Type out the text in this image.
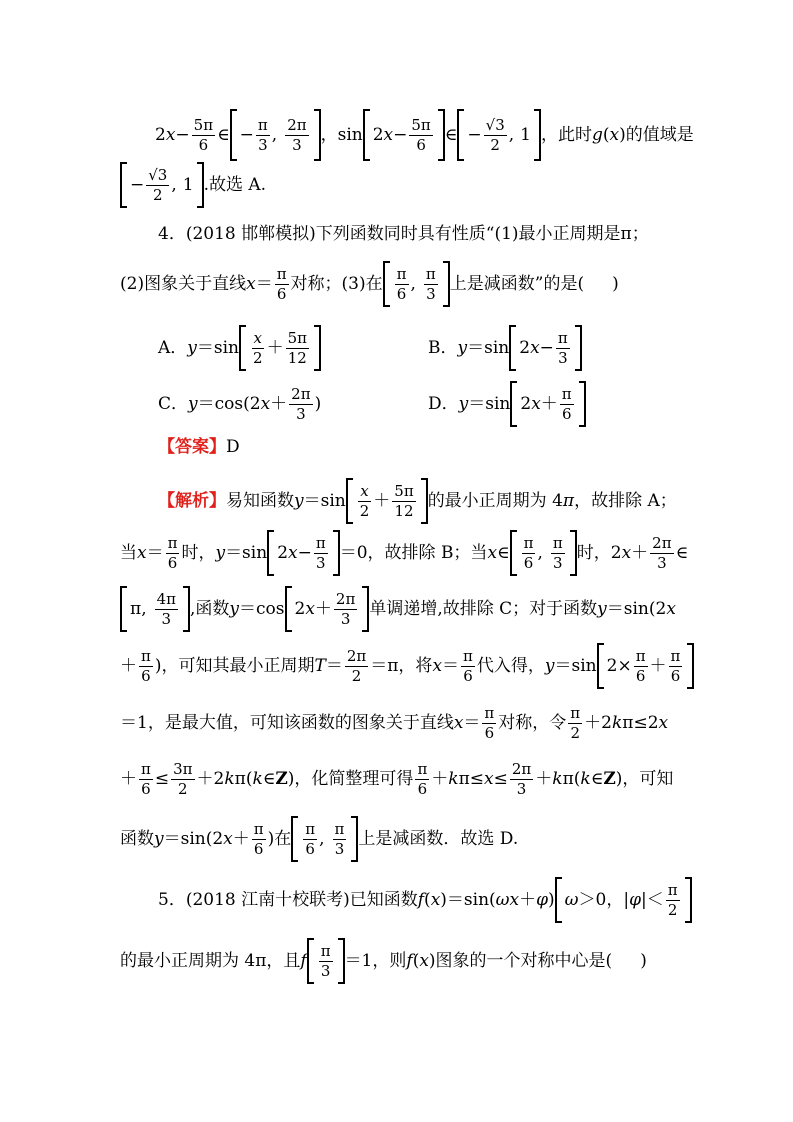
2 $x - \frac{5\pi}{6}$ ∈ − $\frac{\pi}{3}$ , $\frac{2\pi}{3}$ ， sin 2 $x - \frac{5\pi}{6}$ ∈ − $\frac{√3}{2}$ , 1 ，此时 g ( x ) 的值域是
− $\frac{√3}{2}$ , 1 .故选 A.
4．(2018 邯郸模拟)下列函数同时具有性质“(1)最小正周期是π；
(2)图象关于直线 $x = \frac{\pi}{6}$ 对称；(3)在 $\frac{\pi}{6}$ , $\frac{\pi}{3}$ 上是减函数”的是( )
A． $y =\sin \frac{x}{2} + \frac{5\pi}{12}$	B． y ＝sin 2 $x - \frac{\pi}{3}$
C． y ＝cos(2 $x + \frac{2\pi}{3}$ )	D． y ＝sin 2 $x + \frac{\pi}{6}$
【答案】 D
【解析】 易知函数 $y =\sin \frac{x}{2} + \frac{5\pi}{12}$ 的最小正周期为 4 π ，故排除 A；
当 $x = \frac{\pi}{6}$ 时， y ＝sin 2 $x - \frac{\pi}{3} =0$，故排除 B；当 x ∈ $\frac{\pi}{6}$ , $\frac{\pi}{3}$ 时，2 $x + \frac{2\pi}{3}$ ∈
π , $\frac{4\pi}{3}$ ,函数 y ＝cos 2 $x + \frac{2\pi}{3}$ 单调递增,故排除 C；对于函数 y ＝sin(2 x
＋ $\frac{\pi}{6}$ )，可知其最小正周期 $T = \frac{2\pi}{2} =\pi$，将 $x = \frac{\pi}{6}$ 代入得， y ＝sin $2\times \frac{\pi}{6} + \frac{\pi}{6}$
＝1，是最大值，可知该函数的图象关于直线 $x = \frac{\pi}{6}$ 对称，令 $\frac{\pi}{2} +2$ k π≤2 x
＋ $\frac{\pi}{6} \le \frac{3\pi}{2} +2$ k π( k ∈ Z )，化简整理可得 $\frac{\pi}{6} + k$ $\pi\le x \le \frac{2\pi}{3} + k$ π( k ∈ Z )，可知
函数 y ＝sin(2 $x + \frac{\pi}{6}$ )在 $\frac{\pi}{6}$ , $\frac{\pi}{3}$ 上是减函数．故选 D.
5．(2018 江南十校联考)已知函数 f ( x )＝sin( ω x ＋ φ ) ω ＞0，| φ |＜ $\frac{\pi}{2}$
的最小正周期为 4π，且 f $\frac{\pi}{3} =1$，则 f ( x )图象的一个对称中心是( )
